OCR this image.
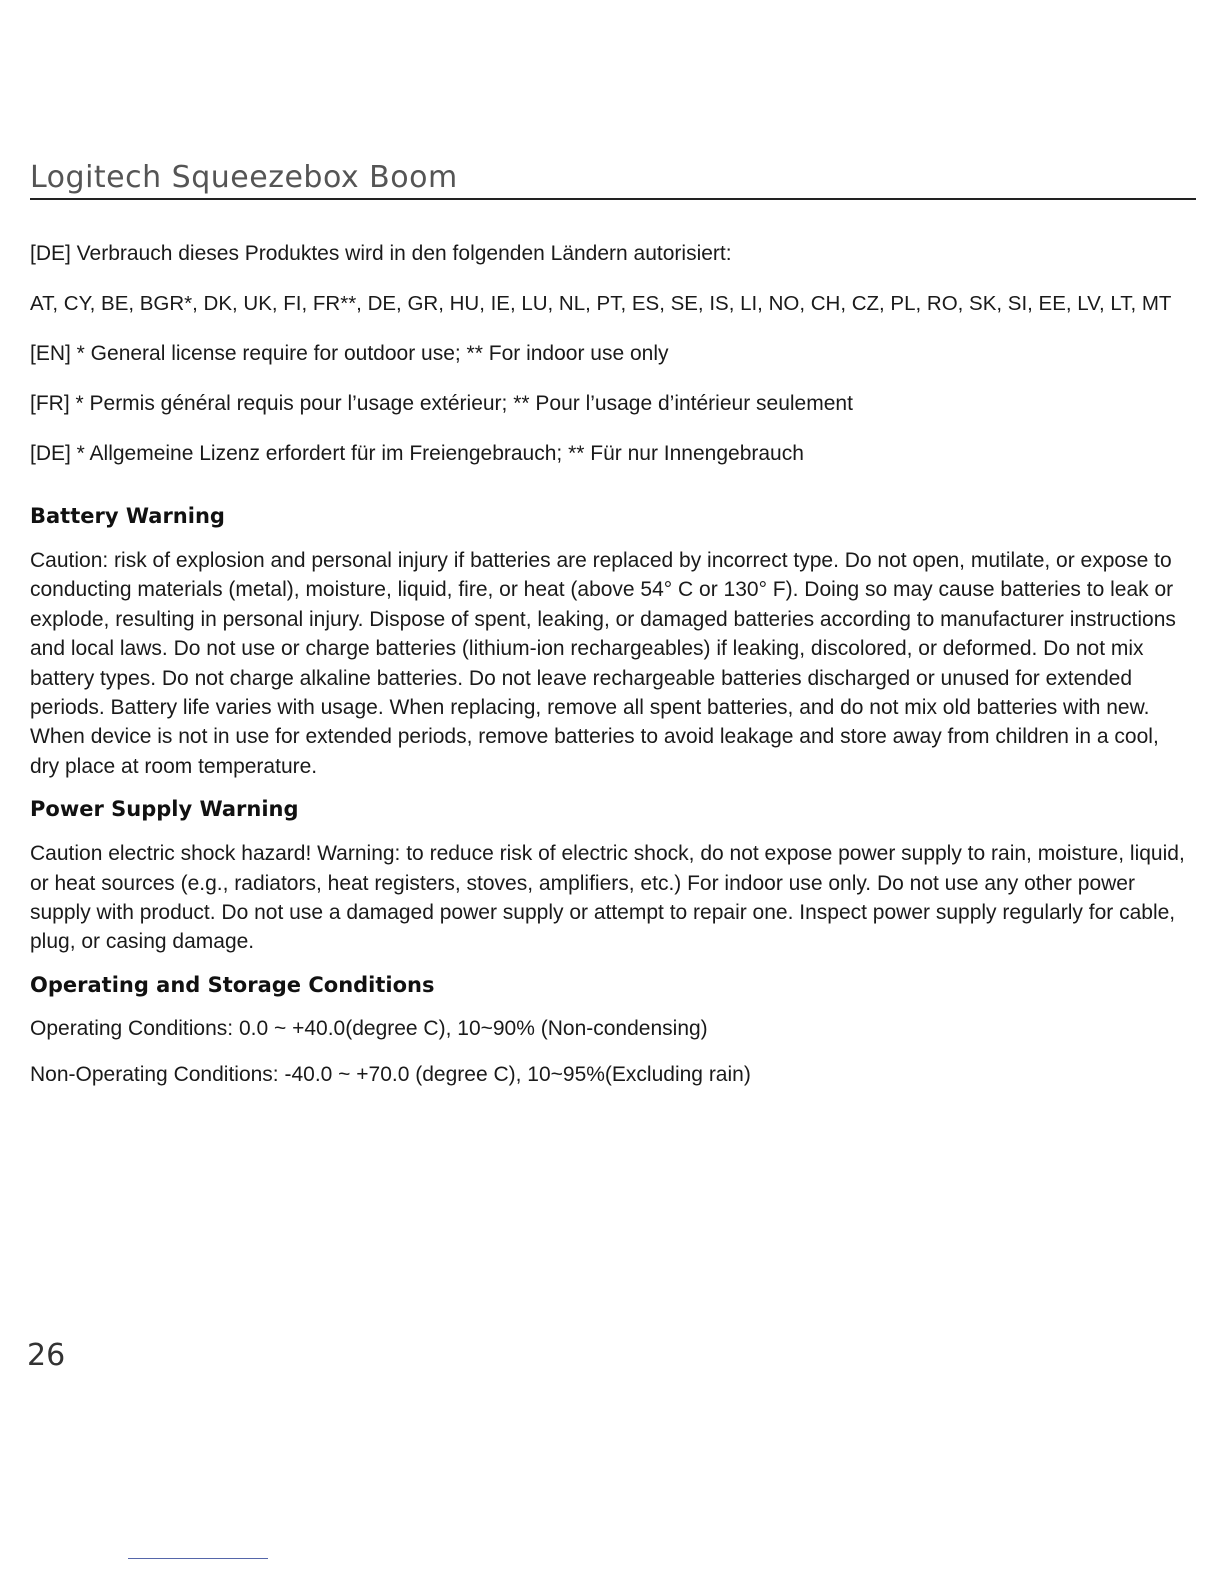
Logitech Squeezebox Boom

[DE] Verbrauch dieses Produktes wird in den folgenden Ländern autorisiert:

AT, CY, BE, BGR*, DK, UK, FI, FR**, DE, GR, HU, IE, LU, NL, PT, ES, SE, IS, LI, NO, CH, CZ, PL, RO, SK, SI, EE, LV, LT, MT

[EN] * General license require for outdoor use; ** For indoor use only

[FR] * Permis général requis pour l’usage extérieur; ** Pour l’usage d’intérieur seulement

[DE] * Allgemeine Lizenz erfordert für im Freiengebrauch; ** Für nur Innengebrauch

Battery Warning

Caution: risk of explosion and personal injury if batteries are replaced by incorrect type. Do not open, mutilate, or expose to conducting materials (metal), moisture, liquid, fire, or heat (above 54° C or 130° F). Doing so may cause batteries to leak or explode, resulting in personal injury. Dispose of spent, leaking, or damaged batteries according to manufacturer instructions and local laws. Do not use or charge batteries (lithium-ion rechargeables) if leaking, discolored, or deformed. Do not mix battery types. Do not charge alkaline batteries. Do not leave rechargeable batteries discharged or unused for extended periods. Battery life varies with usage. When replacing, remove all spent batteries, and do not mix old batteries with new. When device is not in use for extended periods, remove batteries to avoid leakage and store away from children in a cool, dry place at room temperature.

Power Supply Warning

Caution electric shock hazard! Warning: to reduce risk of electric shock, do not expose power supply to rain, moisture, liquid, or heat sources (e.g., radiators, heat registers, stoves, amplifiers, etc.) For indoor use only. Do not use any other power supply with product. Do not use a damaged power supply or attempt to repair one. Inspect power supply regularly for cable, plug, or casing damage.

Operating and Storage Conditions

Operating Conditions: 0.0 ~ +40.0(degree C), 10~90% (Non-condensing)

Non-Operating Conditions: -40.0 ~ +70.0 (degree C), 10~95%(Excluding rain)

26
